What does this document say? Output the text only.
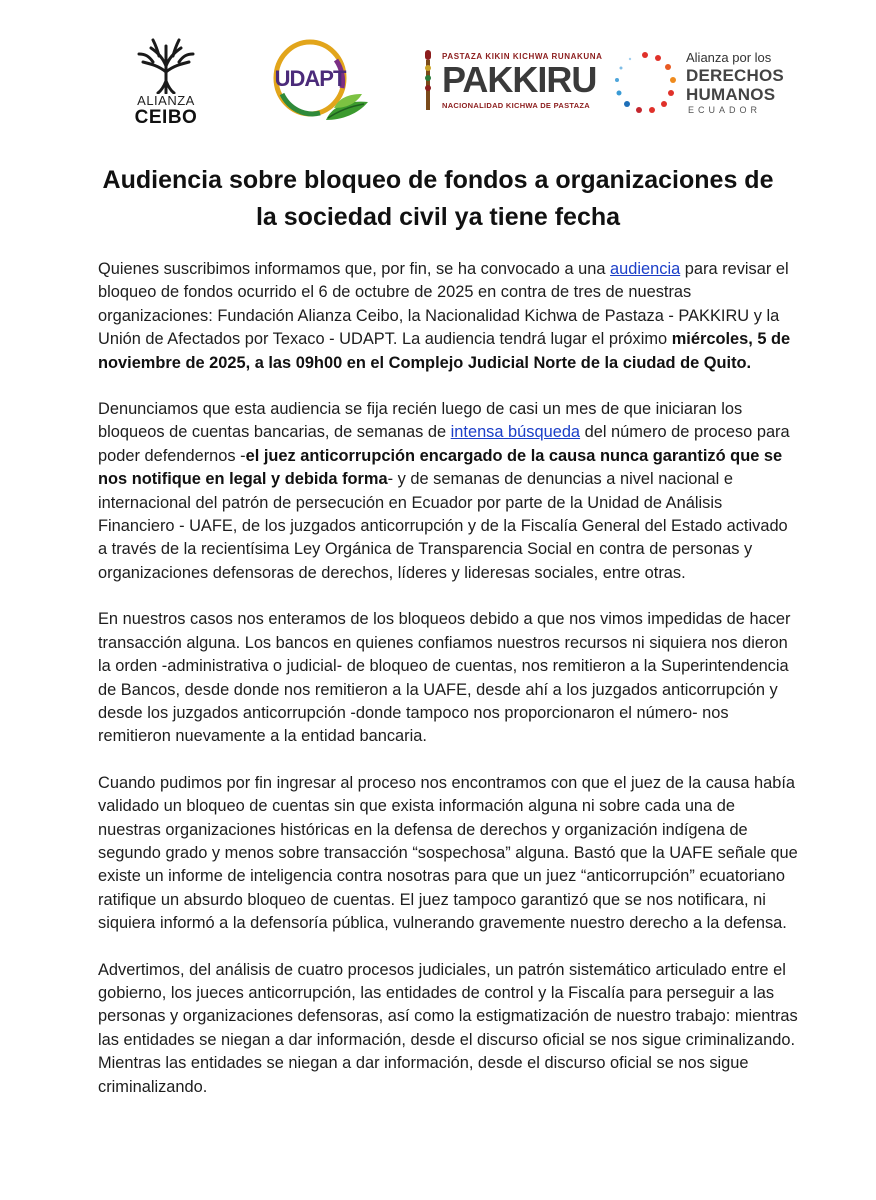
ALIANZA
CEIBO
UDAPT
PASTAZA KIKIN KICHWA RUNAKUNA
PAKKIRU
NACIONALIDAD KICHWA DE PASTAZA
Alianza por los
DERECHOS
HUMANOS
ECUADOR
Audiencia sobre bloqueo de fondos a organizaciones de la sociedad civil ya tiene fecha

Quienes suscribimos informamos que, por fin, se ha convocado a una audiencia para revisar el bloqueo de fondos ocurrido el 6 de octubre de 2025 en contra de tres de nuestras organizaciones: Fundación Alianza Ceibo, la Nacionalidad Kichwa de Pastaza - PAKKIRU y la Unión de Afectados por Texaco - UDAPT. La audiencia tendrá lugar el próximo miércoles, 5 de noviembre de 2025, a las 09h00 en el Complejo Judicial Norte de la ciudad de Quito.

Denunciamos que esta audiencia se fija recién luego de casi un mes de que iniciaran los bloqueos de cuentas bancarias, de semanas de intensa búsqueda del número de proceso para poder defendernos -el juez anticorrupción encargado de la causa nunca garantizó que se nos notifique en legal y debida forma- y de semanas de denuncias a nivel nacional e internacional del patrón de persecución en Ecuador por parte de la Unidad de Análisis Financiero - UAFE, de los juzgados anticorrupción y de la Fiscalía General del Estado activado a través de la recientísima Ley Orgánica de Transparencia Social en contra de personas y organizaciones defensoras de derechos, líderes y lideresas sociales, entre otras.

En nuestros casos nos enteramos de los bloqueos debido a que nos vimos impedidas de hacer transacción alguna. Los bancos en quienes confiamos nuestros recursos ni siquiera nos dieron la orden -administrativa o judicial- de bloqueo de cuentas, nos remitieron a la Superintendencia de Bancos, desde donde nos remitieron a la UAFE, desde ahí a los juzgados anticorrupción y desde los juzgados anticorrupción -donde tampoco nos proporcionaron el número- nos remitieron nuevamente a la entidad bancaria.

Cuando pudimos por fin ingresar al proceso nos encontramos con que el juez de la causa había validado un bloqueo de cuentas sin que exista información alguna ni sobre cada una de nuestras organizaciones históricas en la defensa de derechos y organización indígena de segundo grado y menos sobre transacción “sospechosa” alguna. Bastó que la UAFE señale que existe un informe de inteligencia contra nosotras para que un juez “anticorrupción” ecuatoriano ratifique un absurdo bloqueo de cuentas. El juez tampoco garantizó que se nos notificara, ni siquiera informó a la defensoría pública, vulnerando gravemente nuestro derecho a la defensa.

Advertimos, del análisis de cuatro procesos judiciales, un patrón sistemático articulado entre el gobierno, los jueces anticorrupción, las entidades de control y la Fiscalía para perseguir a las personas y organizaciones defensoras, así como la estigmatización de nuestro trabajo: mientras las entidades se niegan a dar información, desde el discurso oficial se nos sigue criminalizando. Mientras las entidades se niegan a dar información, desde el discurso oficial se nos sigue criminalizando.
